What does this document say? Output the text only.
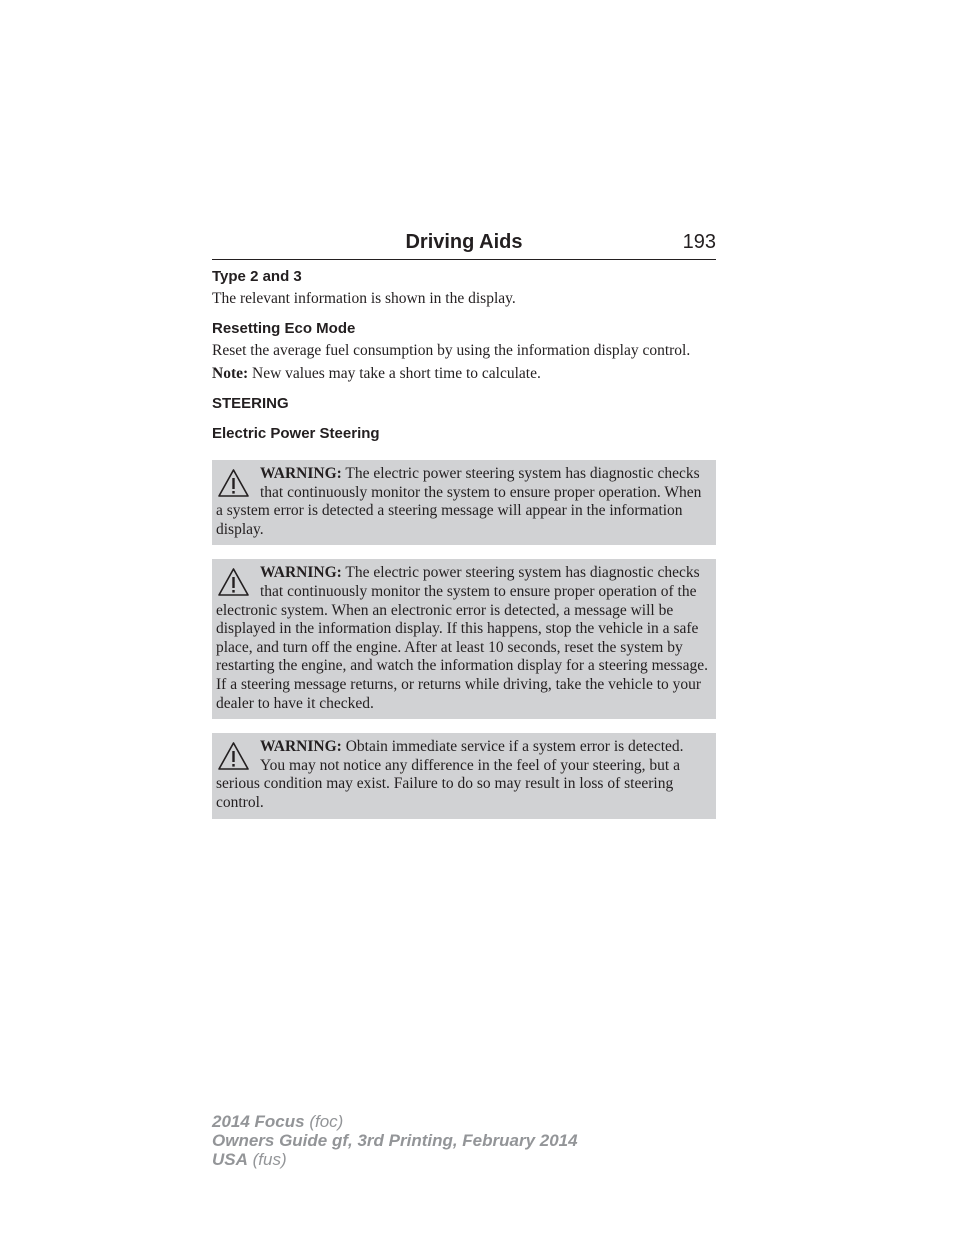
Driving Aids	193

Type 2 and 3

The relevant information is shown in the display.

Resetting Eco Mode

Reset the average fuel consumption by using the information display control.

Note: New values may take a short time to calculate.

STEERING

Electric Power Steering

WARNING: The electric power steering system has diagnostic checks that continuously monitor the system to ensure proper operation. When a system error is detected a steering message will appear in the information display.
WARNING: The electric power steering system has diagnostic checks that continuously monitor the system to ensure proper operation of the electronic system. When an electronic error is detected, a message will be displayed in the information display. If this happens, stop the vehicle in a safe place, and turn off the engine. After at least 10 seconds, reset the system by restarting the engine, and watch the information display for a steering message. If a steering message returns, or returns while driving, take the vehicle to your dealer to have it checked.
WARNING: Obtain immediate service if a system error is detected. You may not notice any difference in the feel of your steering, but a serious condition may exist. Failure to do so may result in loss of steering control.
2014 Focus (foc)
Owners Guide gf, 3rd Printing, February 2014
USA (fus)
